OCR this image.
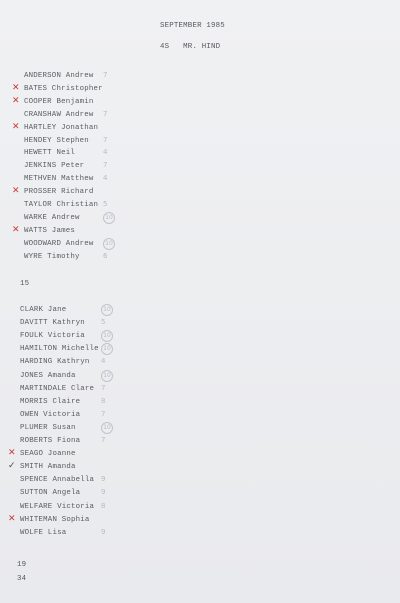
SEPTEMBER 1985
4S   MR. HIND
ANDERSON Andrew 7
✕ BATES Christopher
✕ COOPER Benjamin
CRANSHAW Andrew 7
✕ HARTLEY Jonathan
HENDEY Stephen 7
HEWETT Neil	4
JENKINS Peter	7
METHVEN Matthew 4
✕ PROSSER Richard
TAYLOR Christian 5
WARKE Andrew	10
✕ WATTS James
WOODWARD Andrew	10
WYRE Timothy	6
15
CLARK Jane	10
DAVITT Kathryn 5
FOULK Victoria	10
HAMILTON Michelle 10
HARDING Kathryn 4
JONES Amanda	10
MARTINDALE Clare 7
MORRIS Claire	8
OWEN Victoria	7
PLUMER Susan	10
ROBERTS Fiona	7
✕ SEAGO Joanne
✓ SMITH Amanda
SPENCE Annabella 9
SUTTON Angela	9
WELFARE Victoria 8
✕ WHITEMAN Sophia
WOLFE Lisa	9
19
34
